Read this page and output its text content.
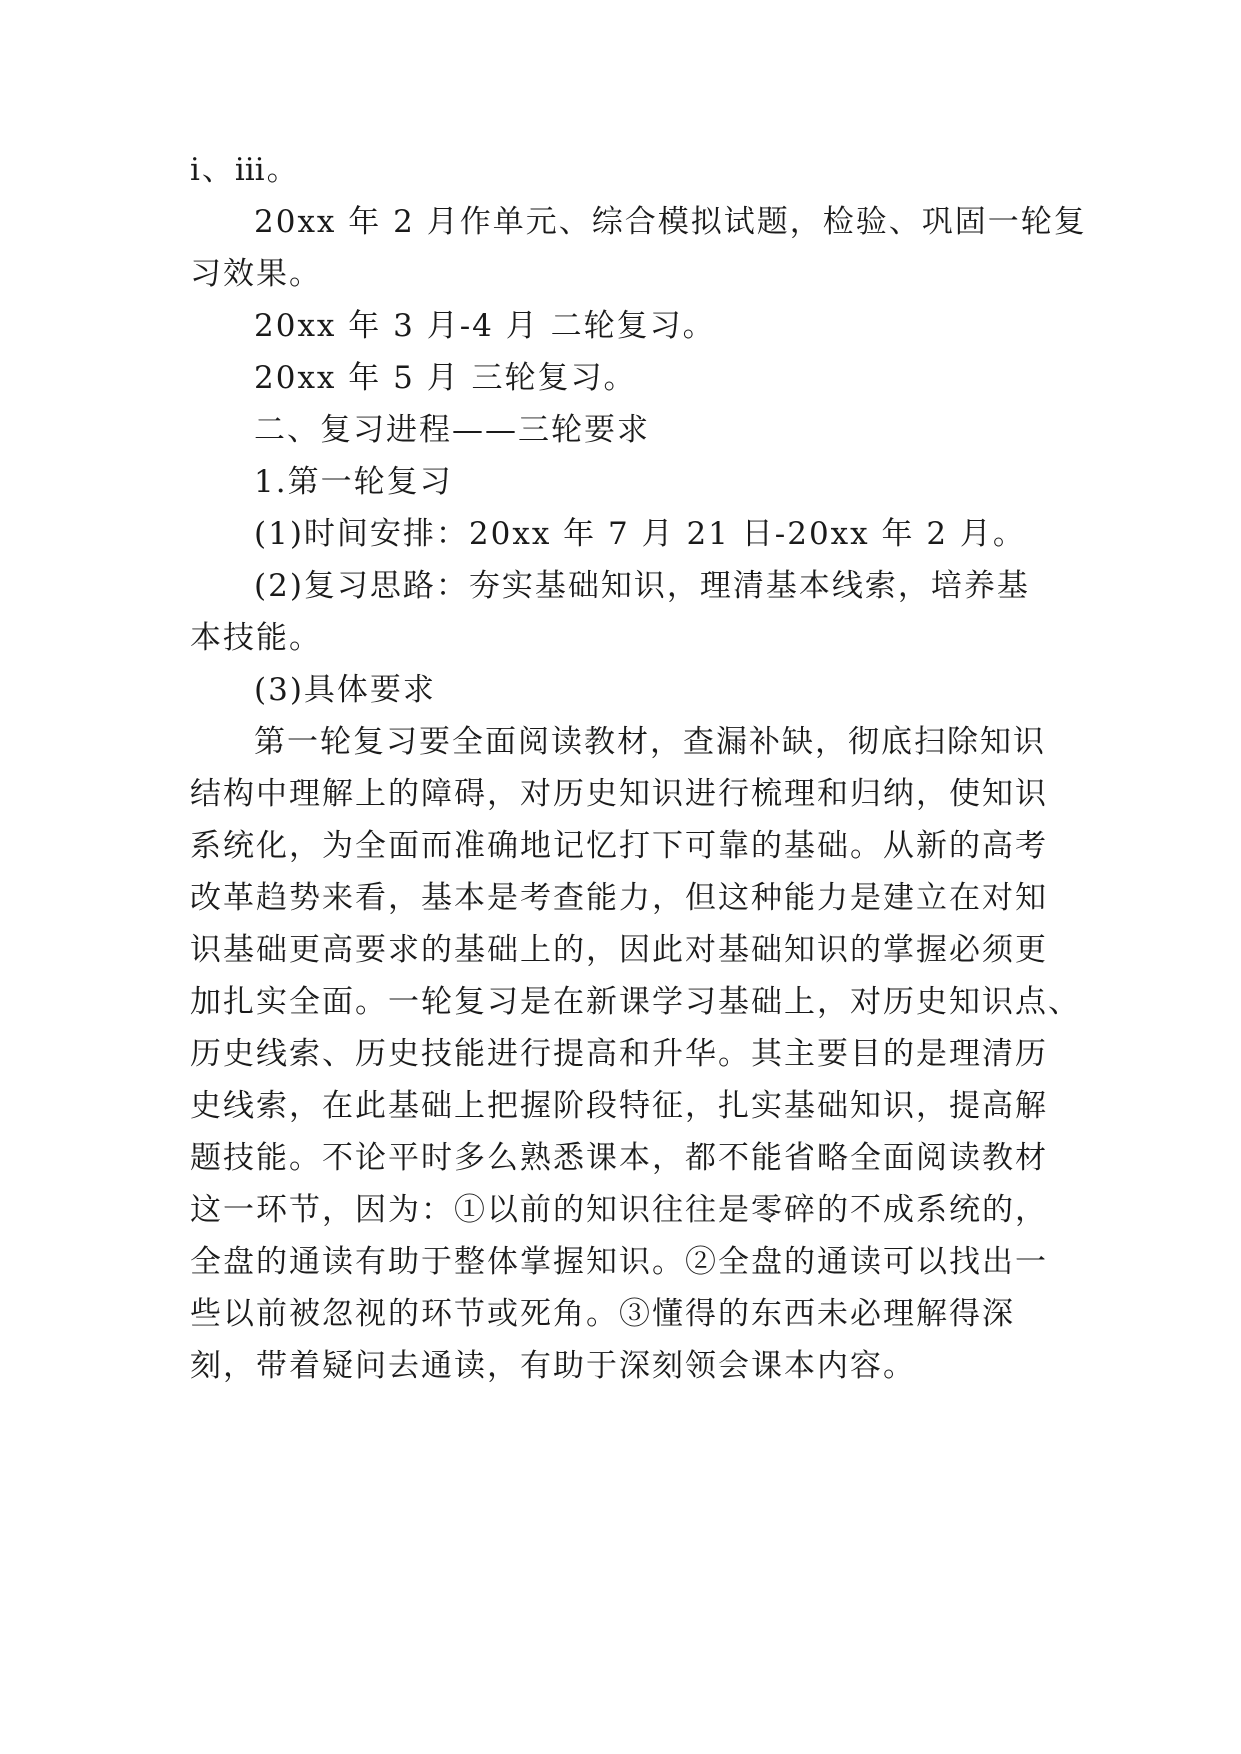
ⅰ、ⅲ。
20xx 年 2 月作单元、综合模拟试题，检验、巩固一轮复
习效果。
20xx 年 3 月-4 月 二轮复习。
20xx 年 5 月 三轮复习。
二、复习进程——三轮要求
1.第一轮复习
(1)时间安排：20xx 年 7 月 21 日-20xx 年 2 月。
(2)复习思路：夯实基础知识，理清基本线索，培养基
本技能。
(3)具体要求
第一轮复习要全面阅读教材，查漏补缺，彻底扫除知识
结构中理解上的障碍，对历史知识进行梳理和归纳，使知识
系统化，为全面而准确地记忆打下可靠的基础。从新的高考
改革趋势来看，基本是考查能力，但这种能力是建立在对知
识基础更高要求的基础上的，因此对基础知识的掌握必须更
加扎实全面。一轮复习是在新课学习基础上，对历史知识点、
历史线索、历史技能进行提高和升华。其主要目的是理清历
史线索，在此基础上把握阶段特征，扎实基础知识，提高解
题技能。不论平时多么熟悉课本，都不能省略全面阅读教材
这一环节，因为：①以前的知识往往是零碎的不成系统的，
全盘的通读有助于整体掌握知识。②全盘的通读可以找出一
些以前被忽视的环节或死角。③懂得的东西未必理解得深
刻，带着疑问去通读，有助于深刻领会课本内容。
